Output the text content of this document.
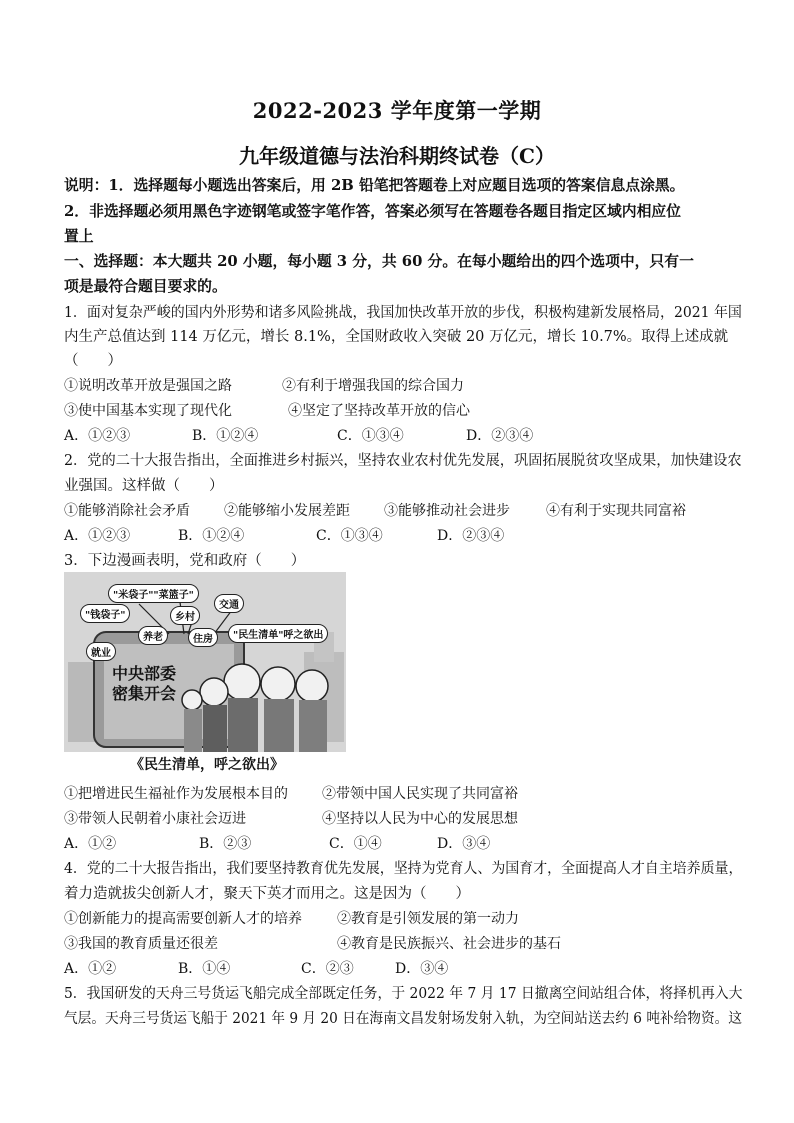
2022-2023 学年度第一学期
九年级道德与法治科期终试卷（C）
说明：1．选择题每小题选出答案后，用 2B 铅笔把答题卷上对应题目选项的答案信息点涂黑。
2．非选择题必须用黑色字迹钢笔或签字笔作答，答案必须写在答题卷各题目指定区域内相应位
置上
一、选择题：本大题共 20 小题，每小题 3 分，共 60 分。在每小题给出的四个选项中，只有一
项是最符合题目要求的。
1．面对复杂严峻的国内外形势和诸多风险挑战，我国加快改革开放的步伐，积极构建新发展格局，2021 年国
内生产总值达到 114 万亿元，增长 8.1%，全国财政收入突破 20 万亿元，增长 10.7%。取得上述成就
（　　）
①说明改革开放是强国之路	②有利于增强我国的综合国力
③使中国基本实现了现代化	④坚定了坚持改革开放的信心
A．①②③	B．①②④	C．①③④	D．②③④
2．党的二十大报告指出，全面推进乡村振兴，坚持农业农村优先发展，巩固拓展脱贫攻坚成果，加快建设农
业强国。这样做（　　）
①能够消除社会矛盾 ②能够缩小发展差距 ③能够推动社会进步	④有利于实现共同富裕
A．①②③	B．①②④	C．①③④	D．②③④
3．下边漫画表明，党和政府（　　）
"米袋子""菜篮子"
"钱袋子"	乡村
交通
养老	住房
就业
"民生清单"呼之欲出
中央部委
密集开会
《民生清单，呼之欲出》
①把增进民生福祉作为发展根本目的 ②带领中国人民实现了共同富裕
③带领人民朝着小康社会迈进	④坚持以人民为中心的发展思想
A．①②	B．②③	C．①④	D．③④
4．党的二十大报告指出，我们要坚持教育优先发展，坚持为党育人、为国育才，全面提高人才自主培养质量，
着力造就拔尖创新人才，聚天下英才而用之。这是因为（　　）
①创新能力的提高需要创新人才的培养	②教育是引领发展的第一动力
③我国的教育质量还很差	④教育是民族振兴、社会进步的基石
A．①②	B．①④	C．②③	D．③④
5．我国研发的天舟三号货运飞船完成全部既定任务，于 2022 年 7 月 17 日撤离空间站组合体，将择机再入大
气层。天舟三号货运飞船于 2021 年 9 月 20 日在海南文昌发射场发射入轨，为空间站送去约 6 吨补给物资。这
